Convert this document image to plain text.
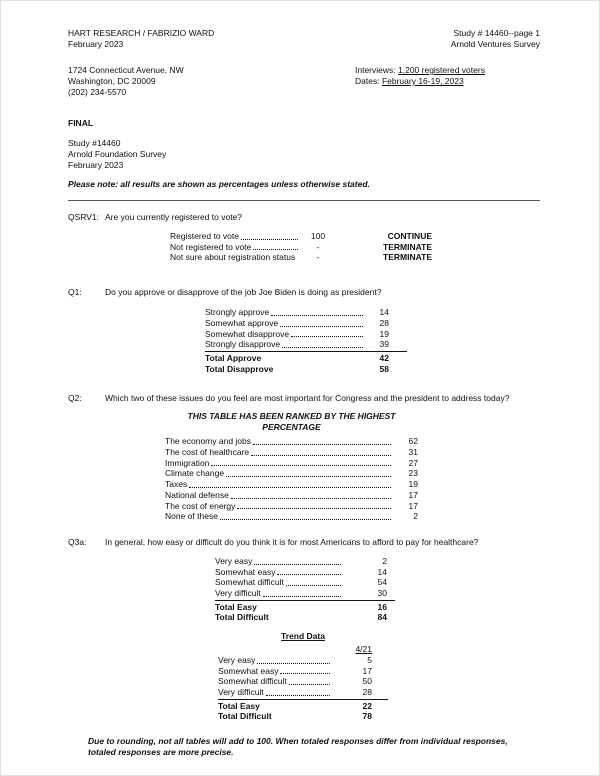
HART RESEARCH / FABRIZIO WARD
February 2023
Study # 14460--page 1
Arnold Ventures Survey
1724 Connecticut Avenue, NW
Washington, DC 20009
(202) 234-5570
Interviews: 1,200 registered voters
Dates: February 16-19, 2023
FINAL
Study #14460
Arnold Foundation Survey
February 2023
Please note: all results are shown as percentages unless otherwise stated.
QSRV1: Are you currently registered to vote?
Registered to vote	100	CONTINUE
Not registered to vote	-	TERMINATE
Not sure about registration status	-	TERMINATE
Q1:	Do you approve or disapprove of the job Joe Biden is doing as president?
Strongly approve	14
Somewhat approve	28
Somewhat disapprove	19
Strongly disapprove	39
Total Approve	42
Total Disapprove	58
Q2:	Which two of these issues do you feel are most important for Congress and the president to address today?
THIS TABLE HAS BEEN RANKED BY THE HIGHEST PERCENTAGE
The economy and jobs	62
The cost of healthcare	31
Immigration	27
Climate change	23
Taxes	19
National defense	17
The cost of energy	17
None of these	2
Q3a:	In general, how easy or difficult do you think it is for most Americans to afford to pay for healthcare?
Very easy	2
Somewhat easy	14
Somewhat difficult	54
Very difficult	30
Total Easy	16
Total Difficult	84
Trend Data
4/21
Very easy	5
Somewhat easy	17
Somewhat difficult	50
Very difficult	28
Total Easy	22
Total Difficult	78
Due to rounding, not all tables will add to 100. When totaled responses differ from individual responses,
totaled responses are more precise.
